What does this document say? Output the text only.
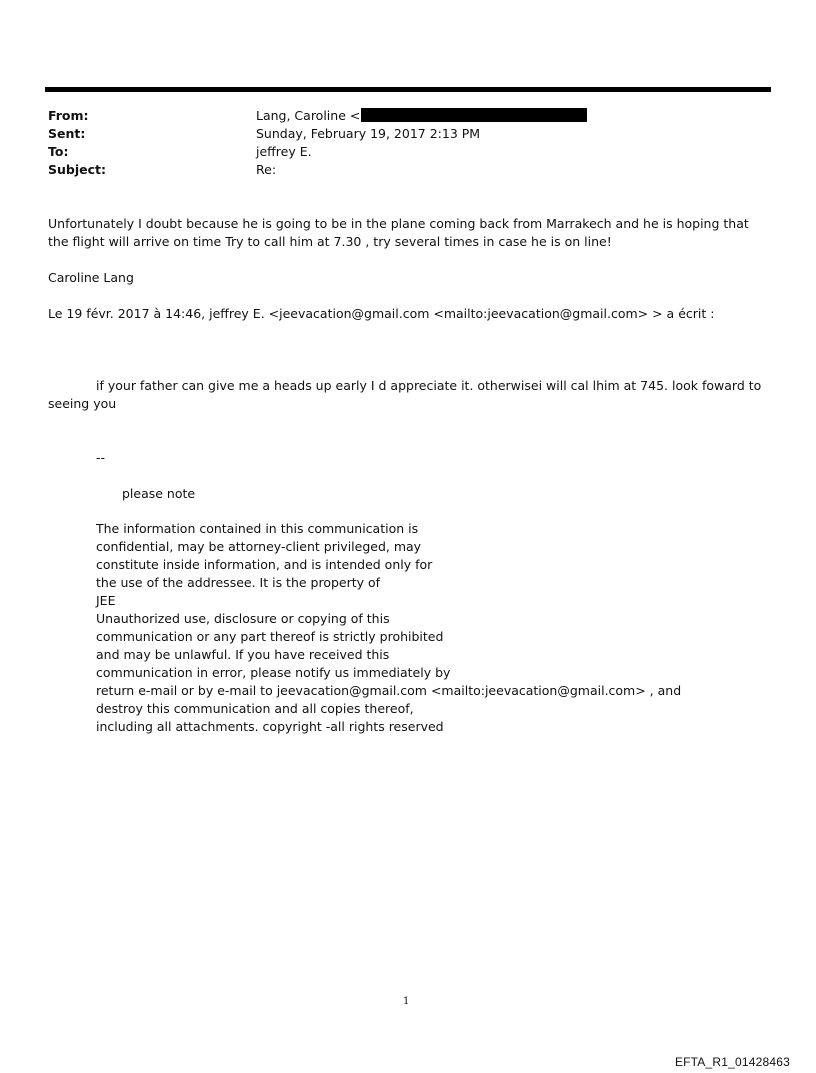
From:	Lang, Caroline <
Sent:	Sunday, February 19, 2017 2:13 PM
To:	jeffrey E.
Subject:	Re:

Unfortunately I doubt because he is going to be in the plane coming back from Marrakech and he is hoping that the flight will arrive on time Try to call him at 7.30 , try several times in case he is on line!

Caroline Lang

Le 19 févr. 2017 à 14:46, jeffrey E. <jeevacation@gmail.com <mailto:jeevacation@gmail.com> > a écrit :

if your father can give me a heads up early I d appreciate it. otherwisei will cal lhim at 745. look foward to

seeing you

--

please note

The information contained in this communication is
confidential, may be attorney-client privileged, may
constitute inside information, and is intended only for
the use of the addressee. It is the property of
JEE
Unauthorized use, disclosure or copying of this
communication or any part thereof is strictly prohibited
and may be unlawful. If you have received this
communication in error, please notify us immediately by
return e-mail or by e-mail to jeevacation@gmail.com <mailto:jeevacation@gmail.com> , and
destroy this communication and all copies thereof,
including all attachments. copyright -all rights reserved
1
EFTA_R1_01428463
